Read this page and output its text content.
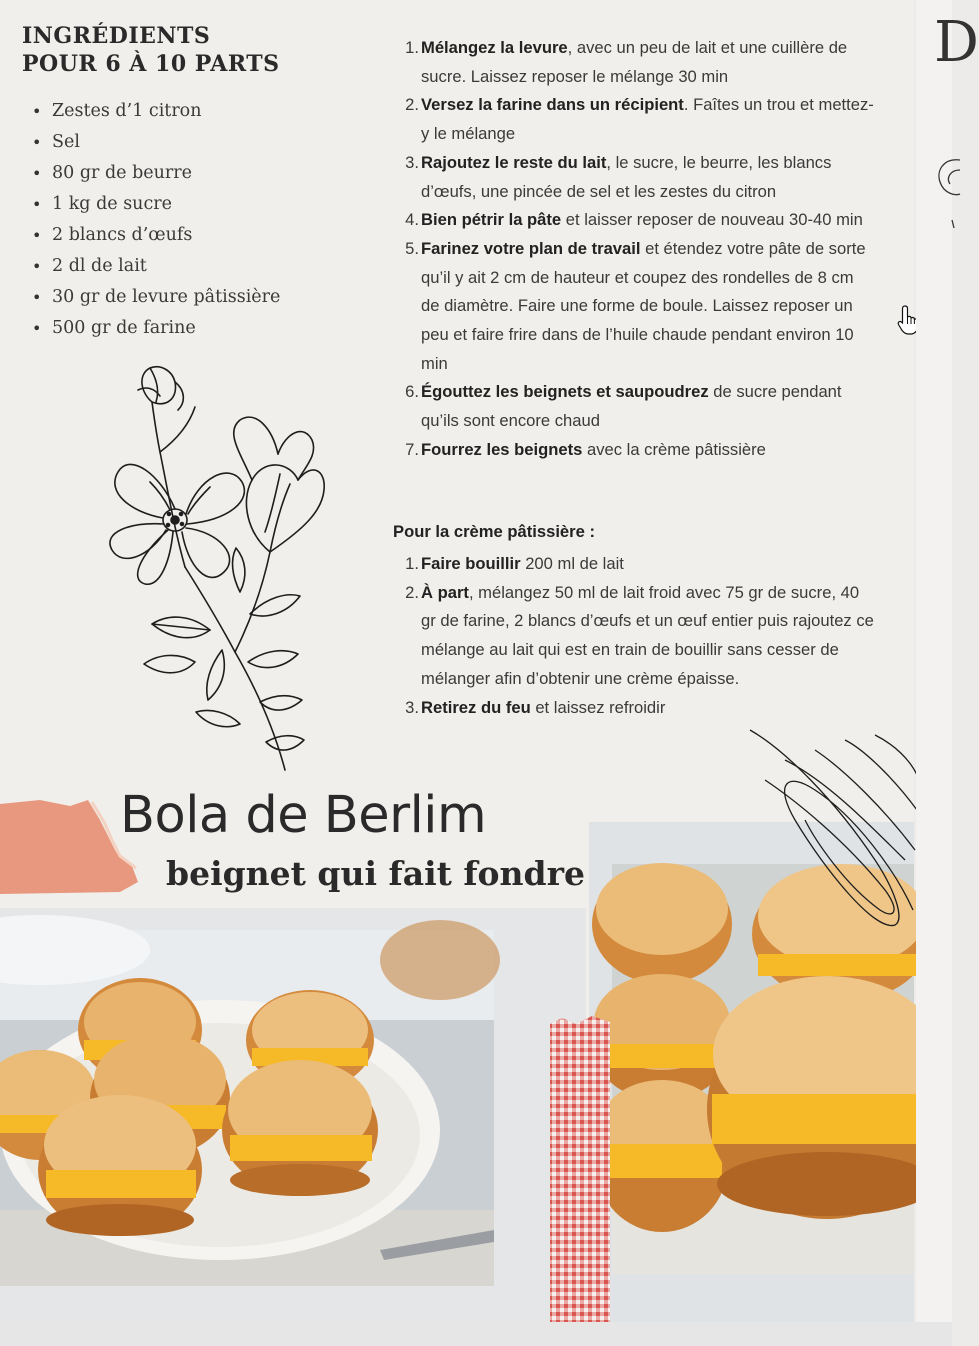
INGRÉDIENTS
POUR 6 À 10 PARTS
• Zestes d’1 citron
• Sel
• 80 gr de beurre
• 1 kg de sucre
• 2 blancs d’œufs
• 2 dl de lait
• 30 gr de levure pâtissière
• 500 gr de farine
Pour la crème pâtissière :
1. Mélangez la levure, avec un peu de lait et une cuillère de sucre. Laissez reposer le mélange 30 min
2. Versez la farine dans un récipient. Faîtes un trou et mettez-y le mélange
3. Rajoutez le reste du lait, le sucre, le beurre, les blancs d’œufs, une pincée de sel et les zestes du citron
4. Bien pétrir la pâte et laisser reposer de nouveau 30-40 min
5. Farinez votre plan de travail et étendez votre pâte de sorte qu’il y ait 2 cm de hauteur et coupez des rondelles de 8 cm de diamètre. Faire une forme de boule. Laissez reposer un peu et faire frire dans de l’huile chaude pendant environ 10 min
6. Égouttez les beignets et saupoudrez de sucre pendant qu’ils sont encore chaud
7. Fourrez les beignets avec la crème pâtissière
1. Faire bouillir 200 ml de lait
2. À part, mélangez 50 ml de lait froid avec 75 gr de sucre, 40 gr de farine, 2 blancs d’œufs et un œuf entier puis rajoutez ce mélange au lait qui est en train de bouillir sans cesser de mélanger afin d’obtenir une crème épaisse.
3. Retirez du feu et laissez refroidir
Bola de Berlim
beignet qui fait fondre
D
